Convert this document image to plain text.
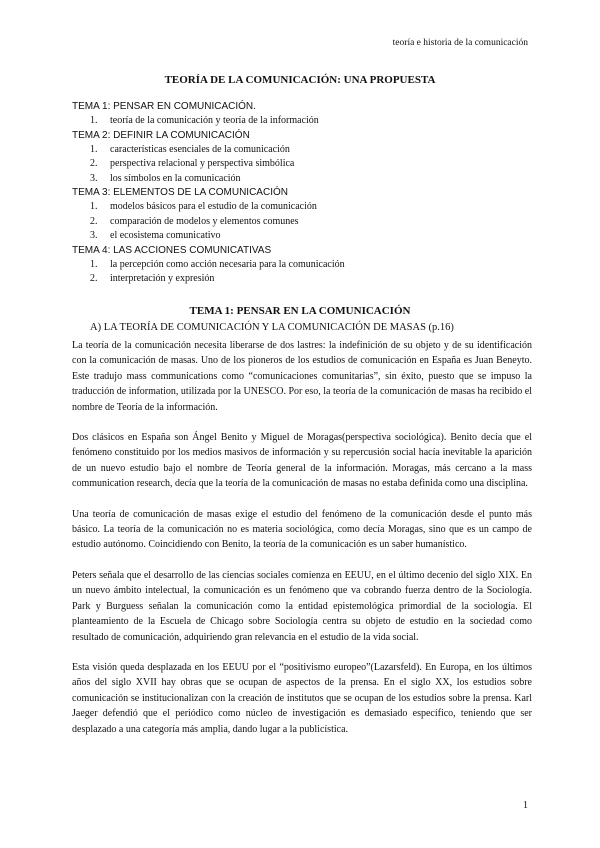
teoría e historia de la comunicación
TEORÍA DE LA COMUNICACIÓN: UNA PROPUESTA
TEMA 1: PENSAR EN COMUNICACIÓN.
1. teoría de la comunicación y teoría de la información
TEMA 2: DEFINIR LA COMUNICACIÓN
1. características esenciales de la comunicación
2. perspectiva relacional y perspectiva simbólica
3. los símbolos en la comunicación
TEMA 3: ELEMENTOS DE LA COMUNICACIÓN
1. modelos básicos para el estudio de la comunicación
2. comparación de modelos y elementos comunes
3. el ecosistema comunicativo
TEMA 4: LAS ACCIONES COMUNICATIVAS
1. la percepción como acción necesaria para la comunicación
2. interpretación y expresión
TEMA 1: PENSAR EN LA COMUNICACIÓN
A) LA TEORÍA DE COMUNICACIÓN Y LA COMUNICACIÓN DE MASAS (p.16)

La teoría de la comunicación necesita liberarse de dos lastres: la indefinición de su objeto y de su identificación con la comunicación de masas. Uno de los pioneros de los estudios de comunicación en España es Juan Beneyto. Este tradujo mass communications como “comunicaciones comunitarias”, sin éxito, puesto que se impuso la traducción de information, utilizada por la UNESCO. Por eso, la teoría de la comunicación de masas ha recibido el nombre de Teoría de la información.

Dos clásicos en España son Ángel Benito y Miguel de Moragas(perspectiva sociológica). Benito decía que el fenómeno constituido por los medios masivos de información y su repercusión social hacía inevitable la aparición de un nuevo estudio bajo el nombre de Teoría general de la información. Moragas, más cercano a la mass communication research, decía que la teoría de la comunicación de masas no estaba definida como una disciplina.

Una teoría de comunicación de masas exige el estudio del fenómeno de la comunicación desde el punto más básico. La teoría de la comunicación no es materia sociológica, como decía Moragas, sino que es un campo de estudio autónomo. Coincidiendo con Benito, la teoría de la comunicación es un saber humanístico.

Peters señala que el desarrollo de las ciencias sociales comienza en EEUU, en el último decenio del siglo XIX. En un nuevo ámbito intelectual, la comunicación es un fenómeno que va cobrando fuerza dentro de la Sociología. Park y Burguess señalan la comunicación como la entidad epistemológica primordial de la sociología. El planteamiento de la Escuela de Chicago sobre Sociología centra su objeto de estudio en la sociedad como resultado de comunicación, adquiriendo gran relevancia en el estudio de la vida social.

Esta visión queda desplazada en los EEUU por el “positivismo europeo”(Lazarsfeld). En Europa, en los últimos años del siglo XVII hay obras que se ocupan de aspectos de la prensa. En el siglo XX, los estudios sobre comunicación se institucionalizan con la creación de institutos que se ocupan de los estudios sobre la prensa. Karl Jaeger defendió que el periódico como núcleo de investigación es demasiado específico, teniendo que ser desplazado a una categoría más amplia, dando lugar a la publicística.

1
